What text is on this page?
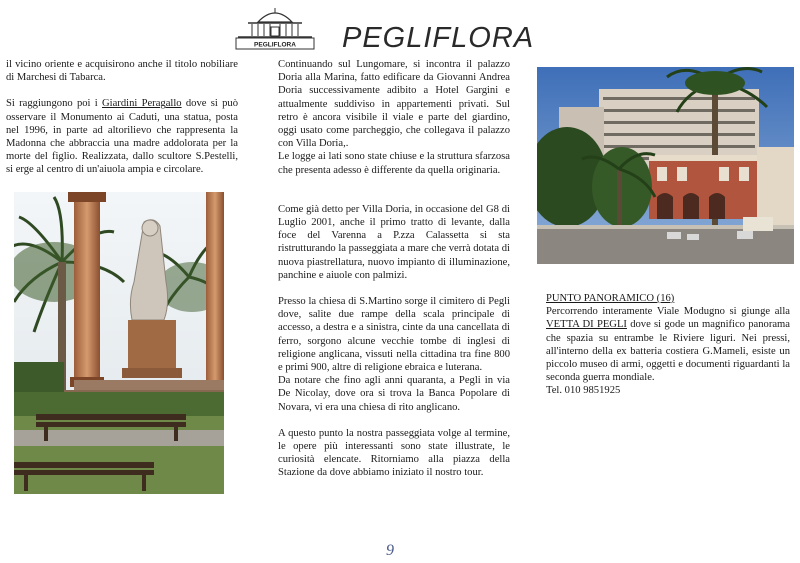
PEGLIFLORA PEGLIFLORA

il vicino oriente e acquisirono anche il titolo nobiliare di Marchesi di Tabarca.

Si raggiungono poi i Giardini Peragallo dove si può osservare il Monumento ai Caduti, una statua, posta nel 1996, in parte ad altorilievo che rappresenta la Madonna che abbraccia una madre addolorata per la morte del figlio. Realizzata, dallo scultore S.Pestelli, si erge al centro di un'aiuola ampia e circolare.

Continuando sul Lungomare, si incontra il palazzo Doria alla Marina, fatto edificare da Giovanni Andrea Doria successivamente adibito a Hotel Gargini e attualmente suddiviso in appartementi privati. Sul retro è ancora visibile il viale e parte del giardino, oggi usato come parcheggio, che collegava il palazzo con Villa Doria,.

Le logge ai lati sono state chiuse e la struttura sfarzosa che presenta adesso è differente da quella originaria.

Come già detto per Villa Doria, in occasione del G8 di Luglio 2001, anche il primo tratto di levante, dalla foce del Varenna a P.zza Calassetta si sta ristrutturando la passeggiata a mare che verrà dotata di nuova piastrellatura, nuovo impianto di illuminazione, panchine e aiuole con palmizi.

Presso la chiesa di S.Martino sorge il cimitero di Pegli dove, salite due rampe della scala principale di accesso, a destra e a sinistra, cinte da una cancellata di ferro, sorgono alcune vecchie tombe di inglesi di religione anglicana, vissuti nella cittadina tra fine 800 e primi 900, altre di religione ebraica e luterana.

Da notare che fino agli anni quaranta, a Pegli in via De Nicolay, dove ora si trova la Banca Popolare di Novara, vi era una chiesa di rito anglicano.

A questo punto la nostra passeggiata volge al termine, le opere più interessanti sono state illustrate, le curiosità elencate. Ritorniamo alla piazza della Stazione da dove abbiamo iniziato il nostro tour.

PUNTO PANORAMICO (16)

Percorrendo interamente Viale Modugno si giunge alla VETTA DI PEGLI dove si gode un magnifico panorama che spazia su entrambe le Riviere liguri. Nei pressi, all'interno della ex batteria costiera G.Mameli, esiste un piccolo museo di armi, oggetti e documenti riguardanti la seconda guerra mondiale.

Tel. 010 9851925

9
